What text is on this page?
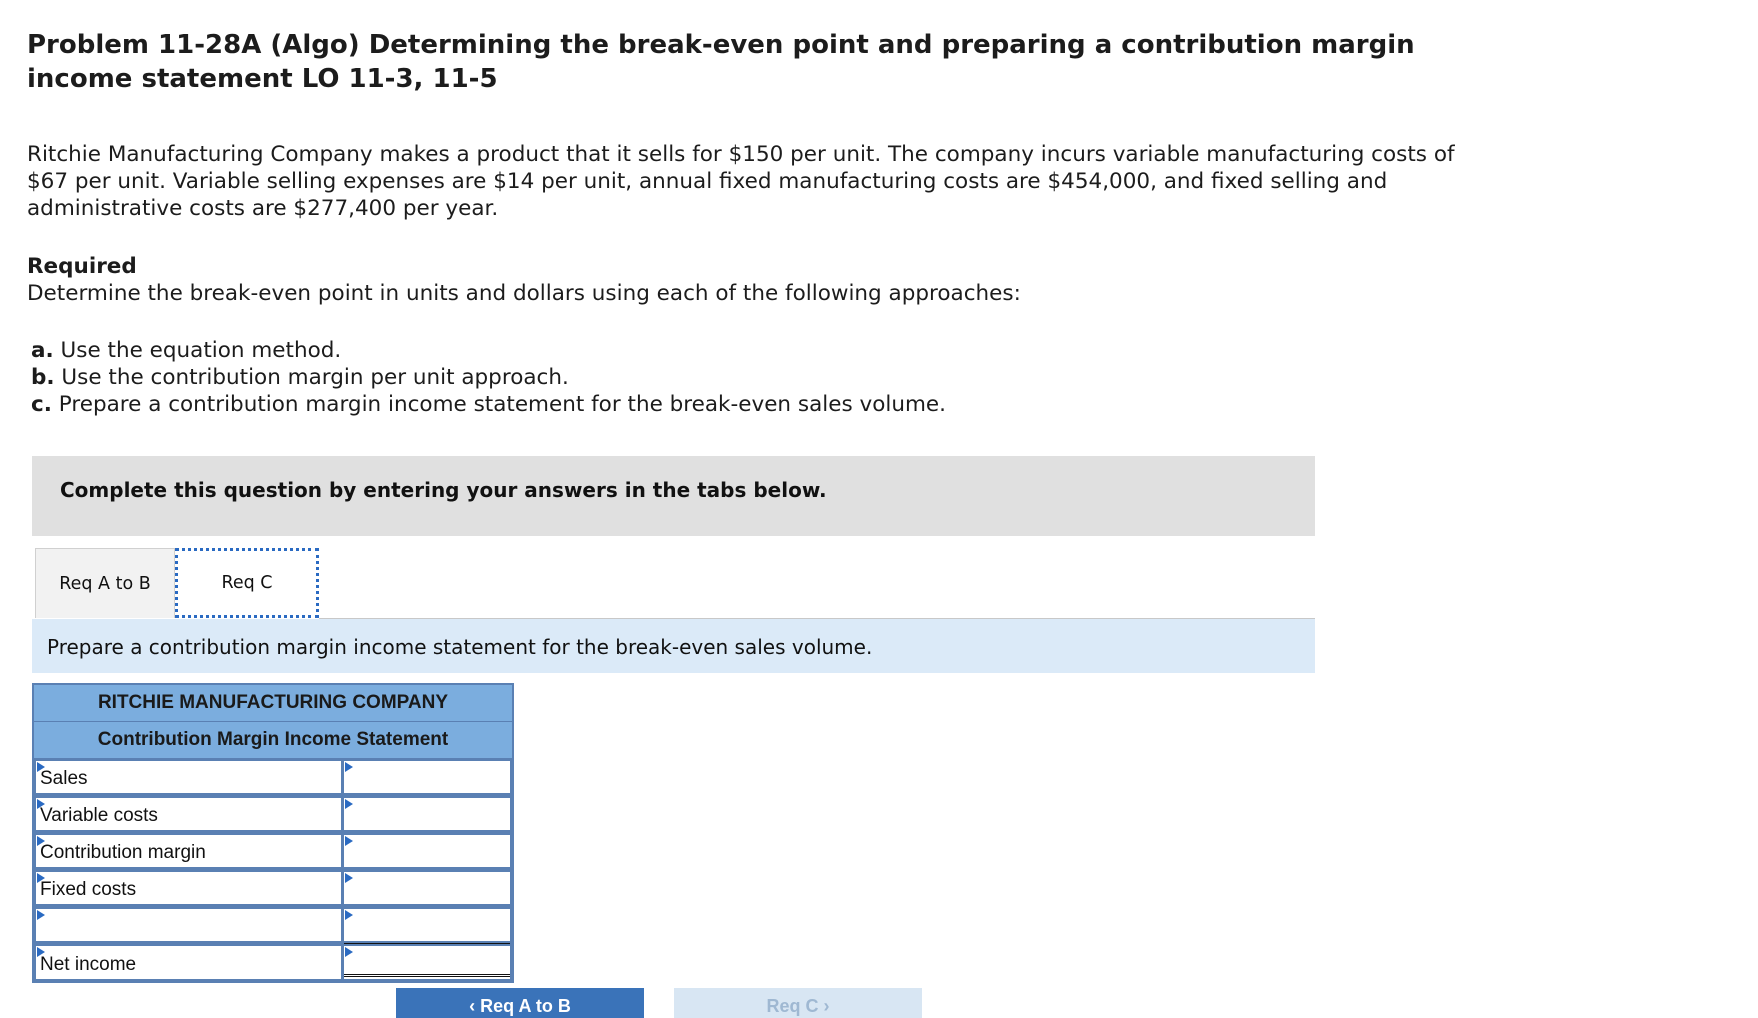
Problem 11-28A (Algo) Determining the break-even point and preparing a contribution margin income statement LO 11-3, 11-5

Ritchie Manufacturing Company makes a product that it sells for $150 per unit. The company incurs variable manufacturing costs of $67 per unit. Variable selling expenses are $14 per unit, annual fixed manufacturing costs are $454,000, and fixed selling and administrative costs are $277,400 per year.

Required

Determine the break-even point in units and dollars using each of the following approaches:

a. Use the equation method.
b. Use the contribution margin per unit approach.
c. Prepare a contribution margin income statement for the break-even sales volume.
Complete this question by entering your answers in the tabs below.
Req A to B	Req C
Prepare a contribution margin income statement for the break-even sales volume.
RITCHIE MANUFACTURING COMPANY
Contribution Margin Income Statement
Sales
Variable costs
Contribution margin
Fixed costs
Net income
‹ Req A to B	Req C ›
